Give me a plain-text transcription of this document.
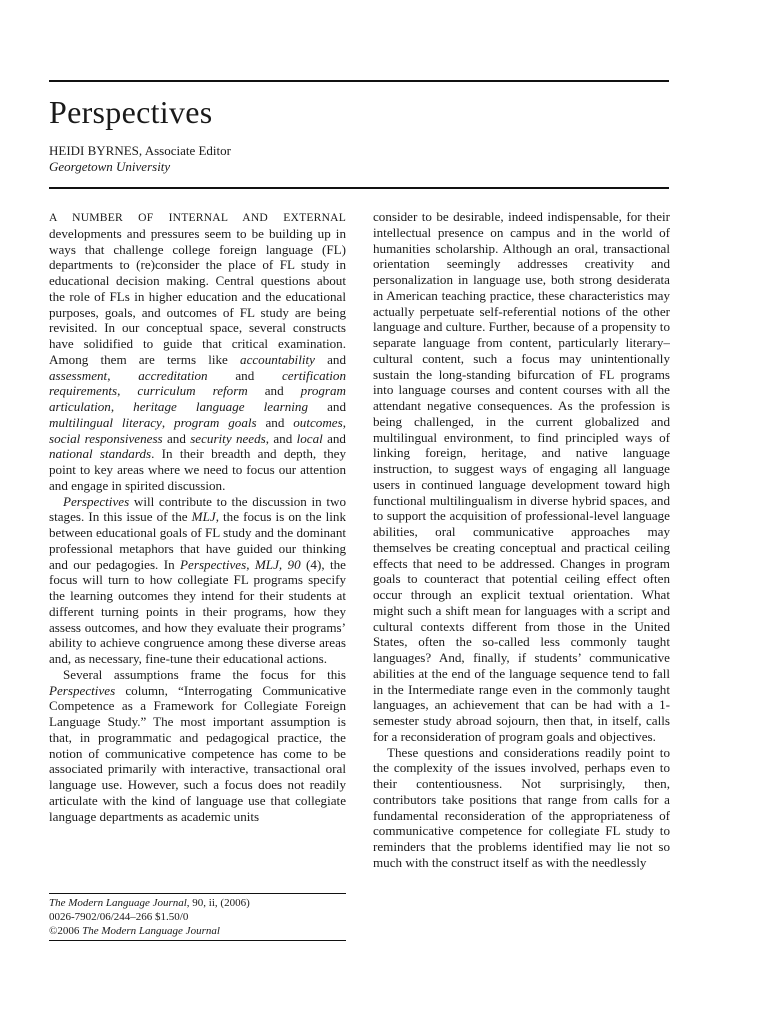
Perspectives
HEIDI BYRNES, Associate Editor
Georgetown University

A NUMBER OF INTERNAL AND EXTERNAL developments and pressures seem to be building up in ways that challenge college foreign language (FL) departments to (re)consider the place of FL study in educational decision making. Central questions about the role of FLs in higher education and the educational purposes, goals, and outcomes of FL study are being revisited. In our conceptual space, several constructs have solidified to guide that critical examination. Among them are terms like accountability and assessment, accreditation and certification requirements, curriculum reform and program articulation, heritage language learning and multilingual literacy, program goals and outcomes, social responsiveness and security needs, and local and national standards. In their breadth and depth, they point to key areas where we need to focus our attention and engage in spirited discussion.

Perspectives will contribute to the discussion in two stages. In this issue of the MLJ, the focus is on the link between educational goals of FL study and the dominant professional metaphors that have guided our thinking and our pedagogies. In Perspectives, MLJ, 90 (4), the focus will turn to how collegiate FL programs specify the learning outcomes they intend for their students at different turning points in their programs, how they assess outcomes, and how they evaluate their programs’ ability to achieve congruence among these diverse areas and, as necessary, fine-tune their educational actions.

Several assumptions frame the focus for this Perspectives column, “Interrogating Communicative Competence as a Framework for Collegiate Foreign Language Study.” The most important assumption is that, in programmatic and pedagogical practice, the notion of communicative competence has come to be associated primarily with interactive, transactional oral language use. However, such a focus does not readily articulate with the kind of language use that collegiate language departments as academic units

The Modern Language Journal, 90, ii, (2006)
0026-7902/06/244–266 $1.50/0
©2006 The Modern Language Journal

consider to be desirable, indeed indispensable, for their intellectual presence on campus and in the world of humanities scholarship. Although an oral, transactional orientation seemingly addresses creativity and personalization in language use, both strong desiderata in American teaching practice, these characteristics may actually perpetuate self-referential notions of the other language and culture. Further, because of a propensity to separate language from content, particularly literary–cultural content, such a focus may unintentionally sustain the long-standing bifurcation of FL programs into language courses and content courses with all the attendant negative consequences. As the profession is being challenged, in the current globalized and multilingual environment, to find principled ways of linking foreign, heritage, and native language instruction, to suggest ways of engaging all language users in continued language development toward high functional multilingualism in diverse hybrid spaces, and to support the acquisition of professional-level language abilities, oral communicative approaches may themselves be creating conceptual and practical ceiling effects that need to be addressed. Changes in program goals to counteract that potential ceiling effect often occur through an explicit textual orientation. What might such a shift mean for languages with a script and cultural contexts different from those in the United States, often the so-called less commonly taught languages? And, finally, if students’ communicative abilities at the end of the language sequence tend to fall in the Intermediate range even in the commonly taught languages, an achievement that can be had with a 1-semester study abroad sojourn, then that, in itself, calls for a reconsideration of program goals and objectives.

These questions and considerations readily point to the complexity of the issues involved, perhaps even to their contentiousness. Not surprisingly, then, contributors take positions that range from calls for a fundamental reconsideration of the appropriateness of communicative competence for collegiate FL study to reminders that the problems identified may lie not so much with the construct itself as with the needlessly
